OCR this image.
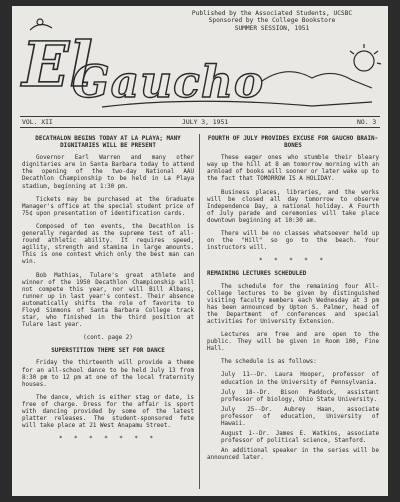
Published by the Associated Students, UCSBC
Sponsored by the College Bookstore
SUMMER SESSION, 1951
El
Gaucho
VOL. XII	JULY 3, 1951	NO. 3

DECATHALON BEGINS TODAY AT LA PLAYA; MANY DIGNITARIES WILL BE PRESENT

Governor Earl Warren and many other dignitaries are in Santa Barbara today to attend the opening of the two-day National AAU Decathlon Championship to be held in La Playa stadium, beginning at 1:30 pm.

Tickets may be purchased at the Graduate Manager's office at the special student price of 75¢ upon presentation of identification cards.

Composed of ten events, the Decathlon is generally regarded as the supreme test of all-round athletic ability. It requires speed, agility, strength and stamina in large amounts. This is one contest which only the best man can win.

Bob Mathias, Tulare's great athlete and winner of the 1950 Decathlon Championship will not compete this year, nor will Bill Albans, runner up in last year's contest. Their absence automatically shifts the role of favorite to Floyd Simmons of Santa Barbara College track star, who finished in the third position at Tulare last year.

(cont. page 2)

SUPERSTITION THEME SET FOR DANCE

Friday the thirteenth will provide a theme for an all-school dance to be held July 13 from 8:30 pm to 12 pm at one of the local fraternity houses.

The dance, which is either stag or date, is free of charge. Dress for the affair is sport with dancing provided by some of the latest platter releases. The student-sponsored fete will take place at 21 West Anapamu Street.

* * * * * * *

FOURTH OF JULY PROVIDES EXCUSE FOR GAUCHO BRAIN-BONES

These eager ones who stumble their bleary way up the hill at 8 am tomorrow morning with an armload of books will sooner or later wake up to the fact that TOMORROW IS A HOLIDAY.

Business places, libraries, and the works will be closed all day tomorrow to observe Independence Day, a national holiday. A Fourth of July parade and ceremonies will take place downtown beginning at 10:30 am.

There will be no classes whatsoever held up on the "Hill" so go to the beach. Your instructors will.

* * * * *

REMAINING LECTURES SCHEDULED

The schedule for the remaining four All-College lectures to be given by distinguished visiting faculty members each Wednesday at 3 pm has been announced by Upton S. Palmer, head of the Department of conferences and special activities for University Extension.

Lectures are free and are open to the public. They will be given in Room 100, Fine Hall.

The schedule is as follows:

July 11--Dr. Laura Hooper, professor of education in the University of Pennsylvania.

July 18--Dr. Bison Paddock, assistant professor of biology, Ohio State University.

July 25--Dr. Aubrey Haan, associate professor of education, University of Hawaii.

August 1--Dr. James E. Watkins, associate professor of political science, Stanford.

An additional speaker in the series will be announced later.
